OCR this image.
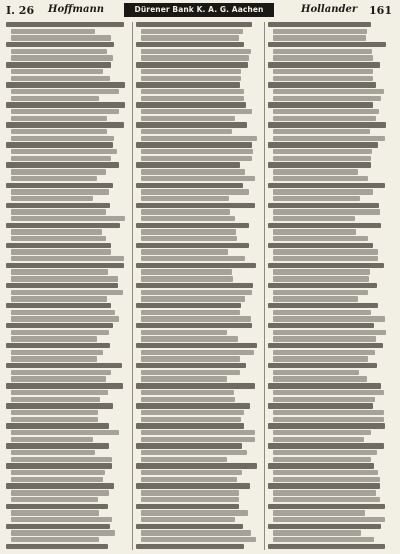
I. 26 Hoffmann	Dürener Bank K. A. G. Aachen	Hollander 161
